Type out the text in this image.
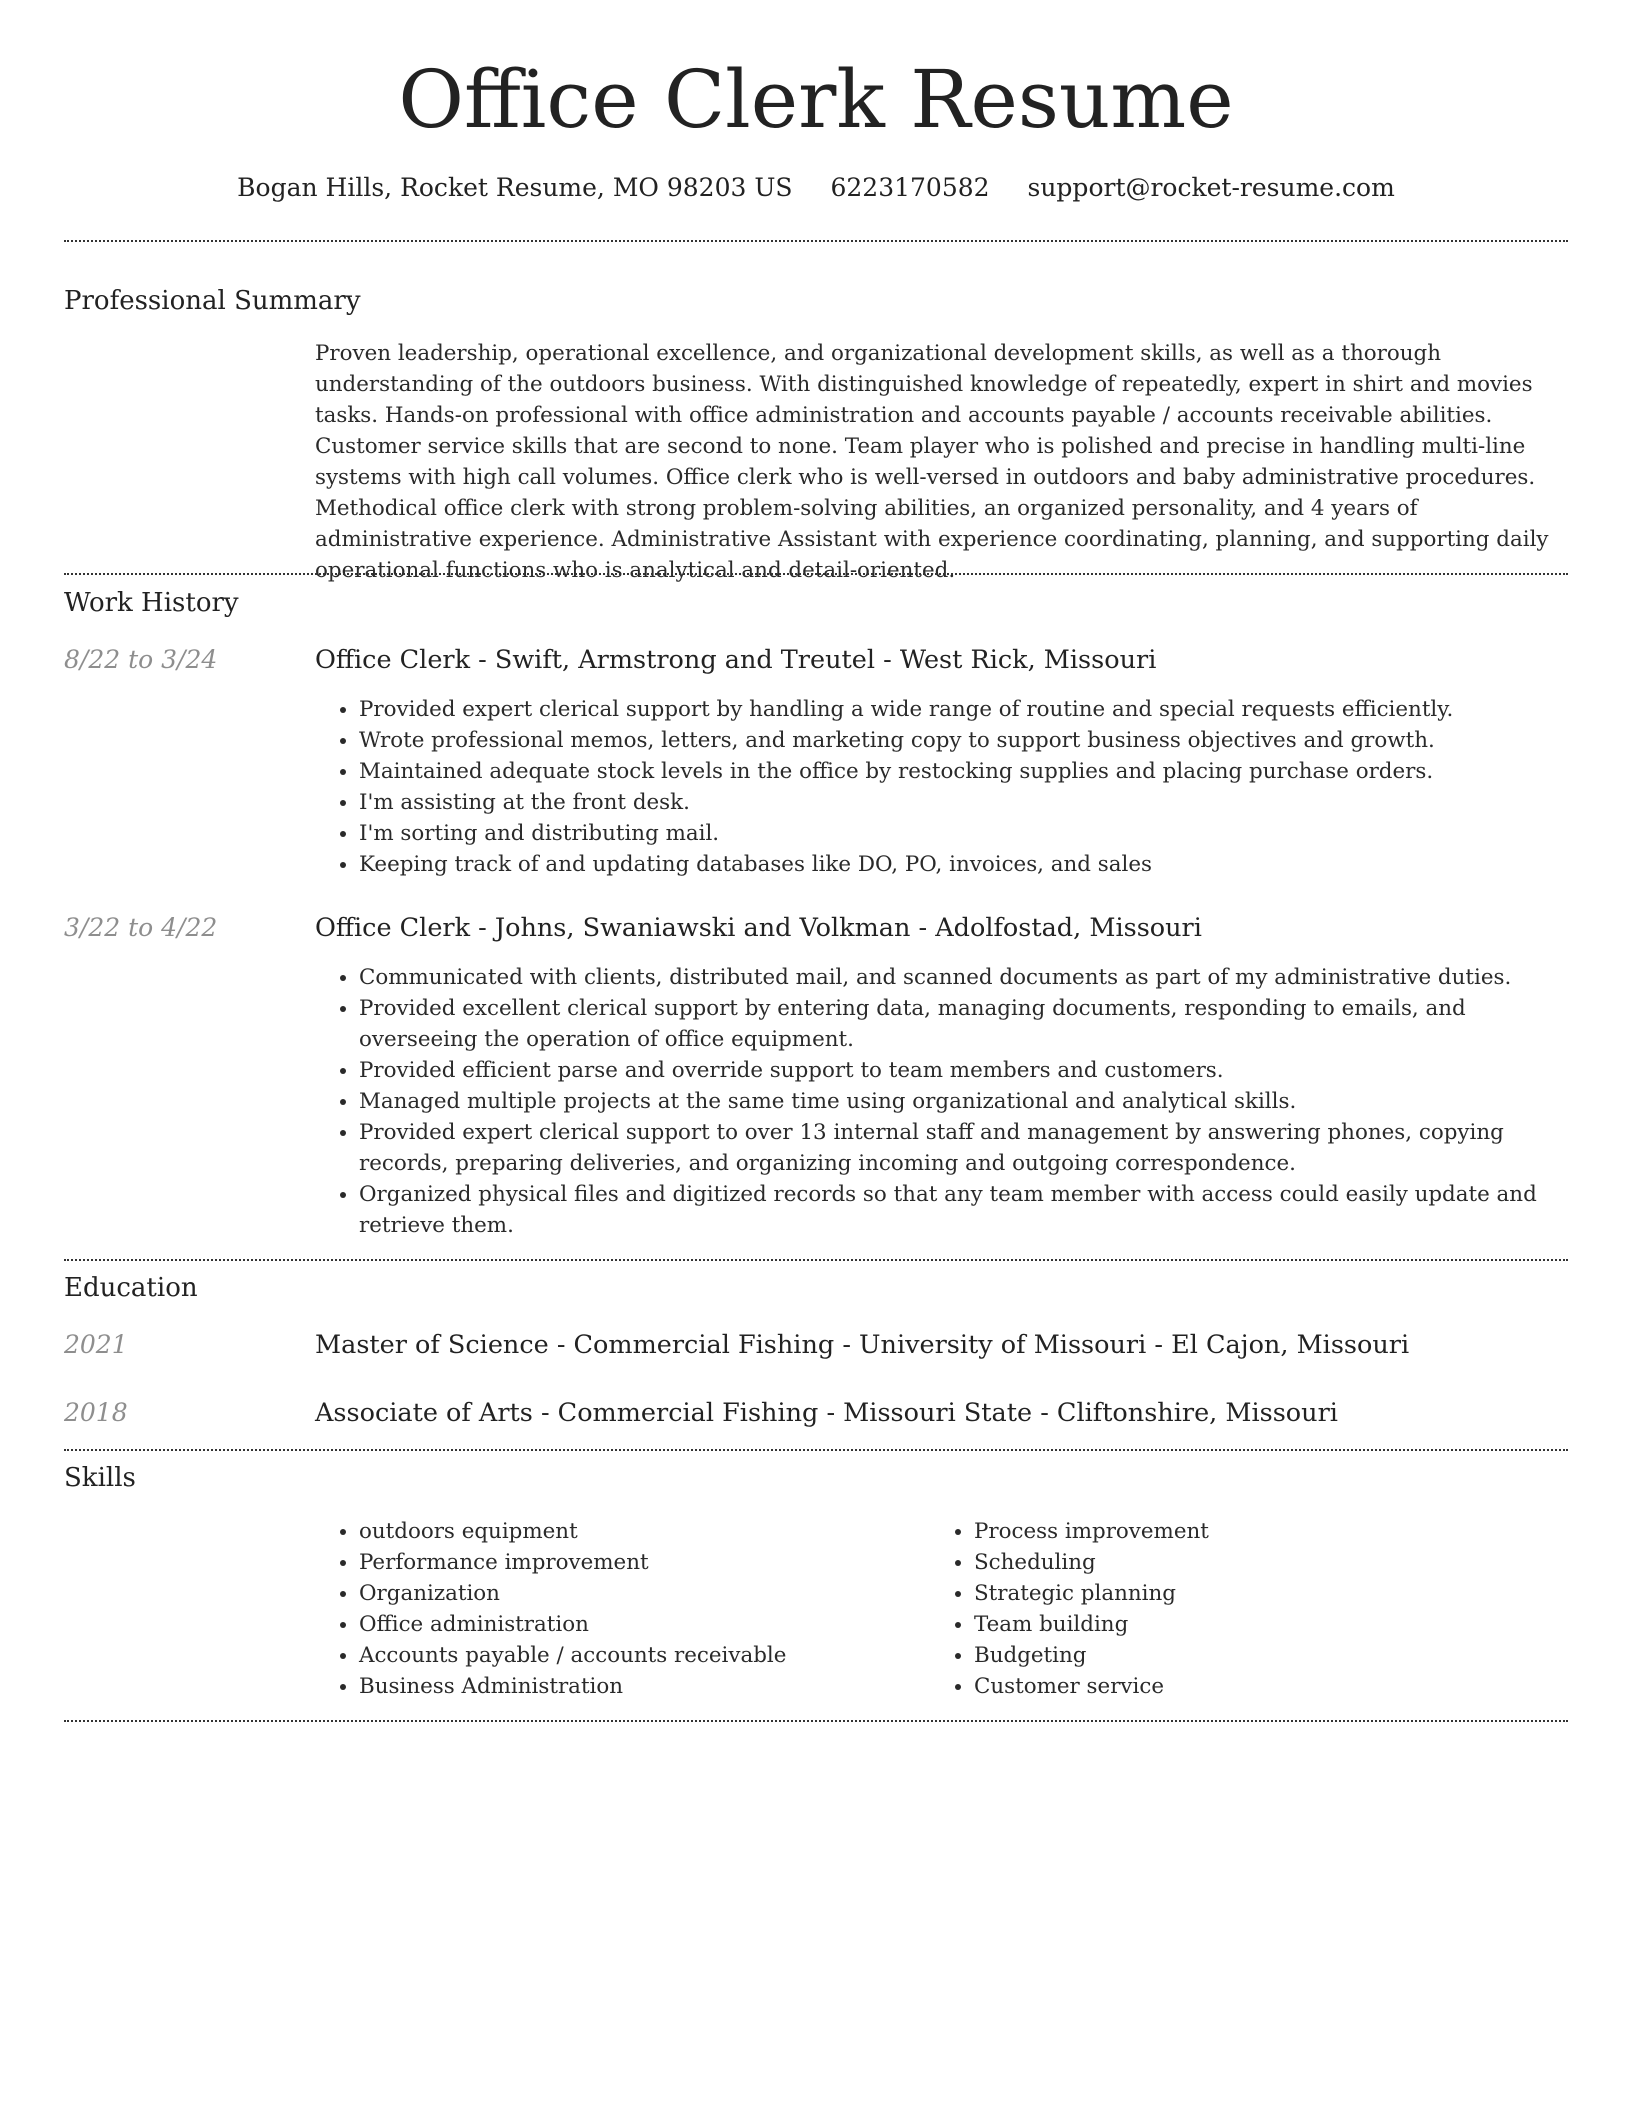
Office Clerk Resume
Bogan Hills, Rocket Resume, MO 98203 US 6223170582 support@rocket-resume.com
Professional Summary

Proven leadership, operational excellence, and organizational development skills, as well as a thorough understanding of the outdoors business. With distinguished knowledge of repeatedly, expert in shirt and movies tasks. Hands-on professional with office administration and accounts payable / accounts receivable abilities. Customer service skills that are second to none. Team player who is polished and precise in handling multi-line systems with high call volumes. Office clerk who is well-versed in outdoors and baby administrative procedures. Methodical office clerk with strong problem-solving abilities, an organized personality, and 4 years of administrative experience. Administrative Assistant with experience coordinating, planning, and supporting daily operational functions who is analytical and detail-oriented.

Work History
8/22 to 3/24	Office Clerk - Swift, Armstrong and Treutel - West Rick, Missouri
• Provided expert clerical support by handling a wide range of routine and special requests efficiently.
• Wrote professional memos, letters, and marketing copy to support business objectives and growth.
• Maintained adequate stock levels in the office by restocking supplies and placing purchase orders.
• I'm assisting at the front desk.
• I'm sorting and distributing mail.
• Keeping track of and updating databases like DO, PO, invoices, and sales
3/22 to 4/22	Office Clerk - Johns, Swaniawski and Volkman - Adolfostad, Missouri
• Communicated with clients, distributed mail, and scanned documents as part of my administrative duties.
• Provided excellent clerical support by entering data, managing documents, responding to emails, and overseeing the operation of office equipment.
• Provided efficient parse and override support to team members and customers.
• Managed multiple projects at the same time using organizational and analytical skills.
• Provided expert clerical support to over 13 internal staff and management by answering phones, copying records, preparing deliveries, and organizing incoming and outgoing correspondence.
• Organized physical files and digitized records so that any team member with access could easily update and retrieve them.
Education
2021	Master of Science - Commercial Fishing - University of Missouri - El Cajon, Missouri
2018	Associate of Arts - Commercial Fishing - Missouri State - Cliftonshire, Missouri
Skills
• outdoors equipment
• Performance improvement
• Organization
• Office administration
• Accounts payable / accounts receivable
• Business Administration
• Process improvement
• Scheduling
• Strategic planning
• Team building
• Budgeting
• Customer service
